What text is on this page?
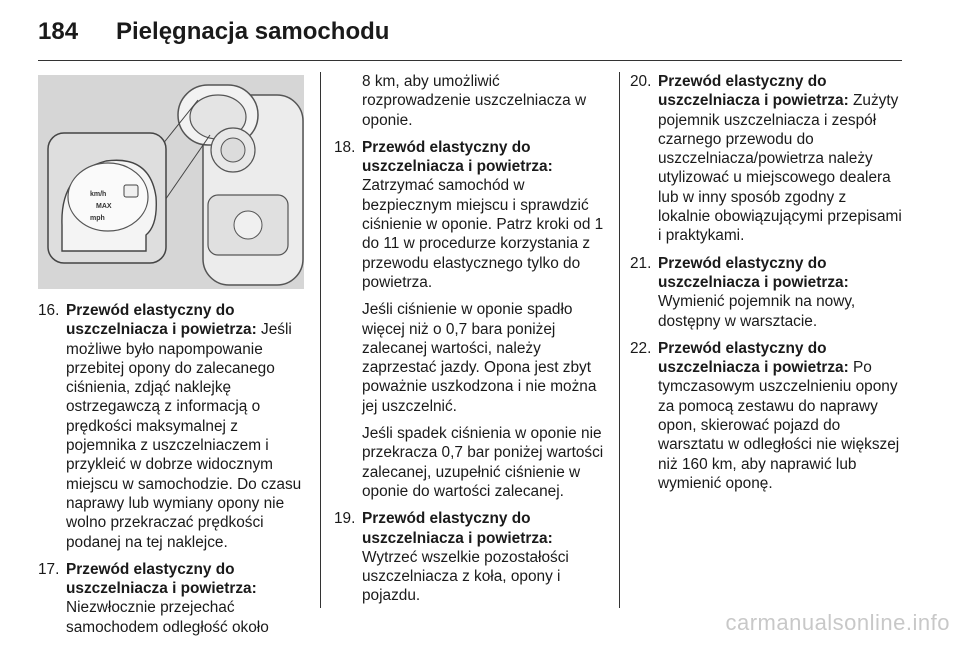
184	Pielęgnacja samochodu
km/h
MAX
mph
16. Przewód elastyczny do uszczelniacza i powietrza: Jeśli możliwe było napompowanie przebitej opony do zalecanego ciśnienia, zdjąć naklejkę ostrzegawczą z informacją o prędkości maksymalnej z pojemnika z uszczelniaczem i przykleić w dobrze widocznym miejscu w samochodzie. Do czasu naprawy lub wymiany opony nie wolno przekraczać prędkości podanej na tej naklejce.
17. Przewód elastyczny do uszczelniacza i powietrza:
Niezwłocznie przejechać samochodem odległość około
8 km, aby umożliwić rozprowadzenie uszczelniacza w oponie.
18. Przewód elastyczny do uszczelniacza i powietrza:
Zatrzymać samochód w bezpiecznym miejscu i sprawdzić ciśnienie w oponie. Patrz kroki od 1 do 11 w procedurze korzystania z przewodu elastycznego tylko do powietrza.
Jeśli ciśnienie w oponie spadło więcej niż o 0,7 bara poniżej zalecanej wartości, należy zaprzestać jazdy. Opona jest zbyt poważnie uszkodzona i nie można jej uszczelnić.
Jeśli spadek ciśnienia w oponie nie przekracza 0,7 bar poniżej wartości zalecanej, uzupełnić ciśnienie w oponie do wartości zalecanej.
19. Przewód elastyczny do uszczelniacza i powietrza:
Wytrzeć wszelkie pozostałości uszczelniacza z koła, opony i pojazdu.
20. Przewód elastyczny do uszczelniacza i powietrza: Zużyty pojemnik uszczelniacza i zespół czarnego przewodu do uszczelniacza/powietrza należy utylizować u miejscowego dealera lub w inny sposób zgodny z lokalnie obowiązującymi przepisami i praktykami.
21. Przewód elastyczny do uszczelniacza i powietrza:
Wymienić pojemnik na nowy, dostępny w warsztacie.
22. Przewód elastyczny do uszczelniacza i powietrza: Po tymczasowym uszczelnieniu opony za pomocą zestawu do naprawy opon, skierować pojazd do warsztatu w odległości nie większej niż 160 km, aby naprawić lub wymienić oponę.
carmanualsonline.info
